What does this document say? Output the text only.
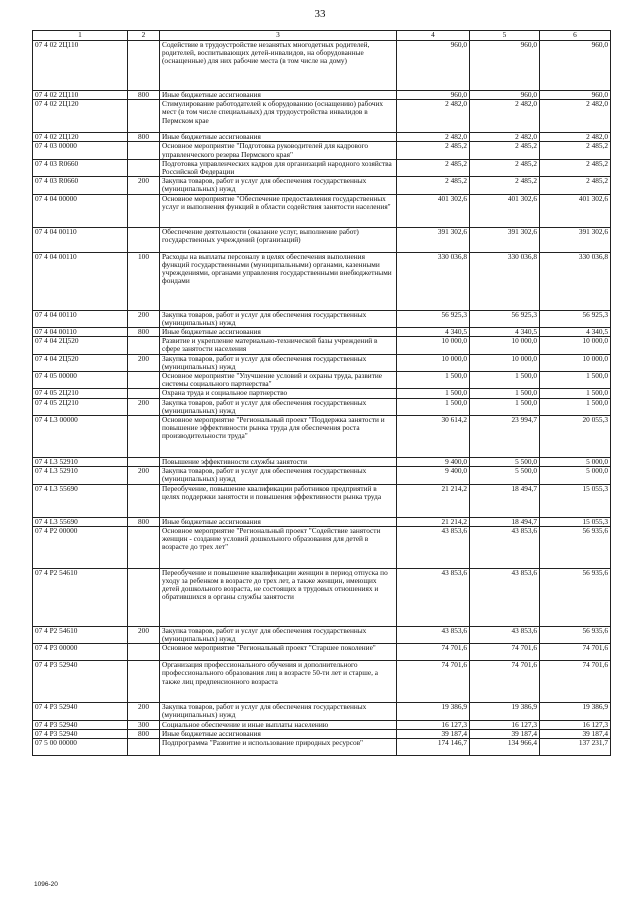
33
1	2	3	4	5	6
07 4 02 2Ц110		Содействие в трудоустройстве незанятых многодетных родителей, родителей, воспитывающих детей-инвалидов, на оборудованные (оснащенные) для них рабочие места (в том числе на дому)	960,0	960,0	960,0
07 4 02 2Ц110	800	Иные бюджетные ассигнования	960,0	960,0	960,0
07 4 02 2Ц120		Стимулирование работодателей к оборудованию (оснащению) рабочих мест (в том числе специальных) для трудоустройства инвалидов в Пермском крае	2 482,0	2 482,0	2 482,0
07 4 02 2Ц120	800	Иные бюджетные ассигнования	2 482,0	2 482,0	2 482,0
07 4 03 00000		Основное мероприятие "Подготовка руководителей для кадрового управленческого резерва Пермского края"	2 485,2	2 485,2	2 485,2
07 4 03 R0660		Подготовка управленческих кадров для организаций народного хозяйства Российской Федерации	2 485,2	2 485,2	2 485,2
07 4 03 R0660	200	Закупка товаров, работ и услуг для обеспечения государственных (муниципальных) нужд	2 485,2	2 485,2	2 485,2
07 4 04 00000		Основное мероприятие "Обеспечение предоставления государственных услуг и выполнения функций в области содействия занятости населения"	401 302,6	401 302,6	401 302,6
07 4 04 00110		Обеспечение деятельности (оказание услуг, выполнение работ) государственных учреждений (организаций)	391 302,6	391 302,6	391 302,6
07 4 04 00110	100	Расходы на выплаты персоналу в целях обеспечения выполнения функций государственными (муниципальными) органами, казенными учреждениями, органами управления государственными внебюджетными фондами	330 036,8	330 036,8	330 036,8
07 4 04 00110	200	Закупка товаров, работ и услуг для обеспечения государственных (муниципальных) нужд	56 925,3	56 925,3	56 925,3
07 4 04 00110	800	Иные бюджетные ассигнования	4 340,5	4 340,5	4 340,5
07 4 04 2Ц520		Развитие и укрепление материально-технической базы учреждений в сфере занятости населения	10 000,0	10 000,0	10 000,0
07 4 04 2Ц520	200	Закупка товаров, работ и услуг для обеспечения государственных (муниципальных) нужд	10 000,0	10 000,0	10 000,0
07 4 05 00000		Основное мероприятие "Улучшение условий и охраны труда, развитие системы социального партнерства"	1 500,0	1 500,0	1 500,0
07 4 05 2Ц210		Охрана труда и социальное партнерство	1 500,0	1 500,0	1 500,0
07 4 05 2Ц210	200	Закупка товаров, работ и услуг для обеспечения государственных (муниципальных) нужд	1 500,0	1 500,0	1 500,0
07 4 L3 00000		Основное мероприятие "Региональный проект "Поддержка занятости и повышение эффективности рынка труда для обеспечения роста производительности труда"	30 614,2	23 994,7	20 055,3
07 4 L3 52910		Повышение эффективности службы занятости	9 400,0	5 500,0	5 000,0
07 4 L3 52910	200	Закупка товаров, работ и услуг для обеспечения государственных (муниципальных) нужд	9 400,0	5 500,0	5 000,0
07 4 L3 55690		Переобучение, повышение квалификации работников предприятий в целях поддержки занятости и повышения эффективности рынка труда	21 214,2	18 494,7	15 055,3
07 4 L3 55690	800	Иные бюджетные ассигнования	21 214,2	18 494,7	15 055,3
07 4 P2 00000		Основное мероприятие "Региональный проект "Содействие занятости женщин - создание условий дошкольного образования для детей в возрасте до трех лет"	43 853,6	43 853,6	56 935,6
07 4 P2 54610		Переобучение и повышение квалификации женщин в период отпуска по уходу за ребенком в возрасте до трех лет, а также женщин, имеющих детей дошкольного возраста, не состоящих в трудовых отношениях и обратившихся в органы службы занятости	43 853,6	43 853,6	56 935,6
07 4 P2 54610	200	Закупка товаров, работ и услуг для обеспечения государственных (муниципальных) нужд	43 853,6	43 853,6	56 935,6
07 4 P3 00000		Основное мероприятие "Региональный проект "Старшее поколение"	74 701,6	74 701,6	74 701,6
07 4 P3 52940		Организация профессионального обучения и дополнительного профессионального образования лиц в возрасте 50-ти лет и старше, а также лиц предпенсионного возраста	74 701,6	74 701,6	74 701,6
07 4 P3 52940	200	Закупка товаров, работ и услуг для обеспечения государственных (муниципальных) нужд	19 386,9	19 386,9	19 386,9
07 4 P3 52940	300	Социальное обеспечение и иные выплаты населению	16 127,3	16 127,3	16 127,3
07 4 P3 52940	800	Иные бюджетные ассигнования	39 187,4	39 187,4	39 187,4
07 5 00 00000		Подпрограмма "Развитие и использование природных ресурсов"	174 146,7	134 966,4	137 231,7
1096-20
